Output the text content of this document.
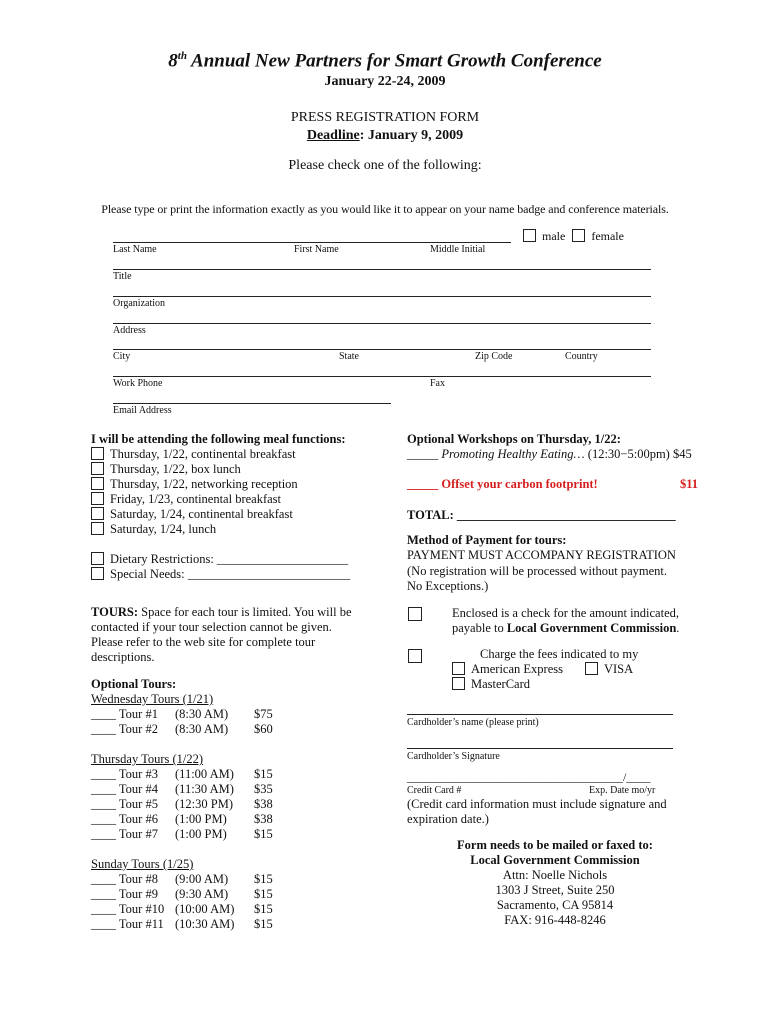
8th Annual New Partners for Smart Growth Conference
January 22-24, 2009
PRESS REGISTRATION FORM
Deadline: January 9, 2009
Please check one of the following:
Please type or print the information exactly as you would like it to appear on your name badge and conference materials.
male female
Last Name	First Name	Middle Initial
Title
Organization
Address
City	State	Zip Code	Country
Work Phone	Fax
Email Address
I will be attending the following meal functions:
Thursday, 1/22, continental breakfast
Thursday, 1/22, box lunch
Thursday, 1/22, networking reception
Friday, 1/23, continental breakfast
Saturday, 1/24, continental breakfast
Saturday, 1/24, lunch
Dietary Restrictions: _____________________
Special Needs: __________________________
TOURS: Space for each tour is limited. You will be contacted if your tour selection cannot be given. Please refer to the web site for complete tour descriptions.
Optional Tours:
Wednesday Tours (1/21)
____ Tour #1 (8:30 AM) $75
____ Tour #2 (8:30 AM) $60
Thursday Tours (1/22)
____ Tour #3 (11:00 AM) $15
____ Tour #4 (11:30 AM) $35
____ Tour #5 (12:30 PM) $38
____ Tour #6 (1:00 PM) $38
____ Tour #7 (1:00 PM) $15
Sunday Tours (1/25)
____ Tour #8 (9:00 AM) $15
____ Tour #9 (9:30 AM) $15
____ Tour #10 (10:00 AM) $15
____ Tour #11 (10:30 AM) $15
Optional Workshops on Thursday, 1/22:
_____ Promoting Healthy Eating… (12:30−5:00pm) $45
_____ Offset your carbon footprint!	$11
TOTAL: ___________________________________
Method of Payment for tours:
PAYMENT MUST ACCOMPANY REGISTRATION
(No registration will be processed without payment.
No Exceptions.)
Enclosed is a check for the amount indicated,
payable to Local Government Commission.
Charge the fees indicated to my
American Express	VISA
MasterCard
Cardholder’s name (please print)
Cardholder’s Signature
____________________________________/____
Credit Card #	Exp. Date mo/yr
(Credit card information must include signature and
expiration date.)
Form needs to be mailed or faxed to:
Local Government Commission
Attn: Noelle Nichols
1303 J Street, Suite 250
Sacramento, CA 95814
FAX: 916-448-8246
